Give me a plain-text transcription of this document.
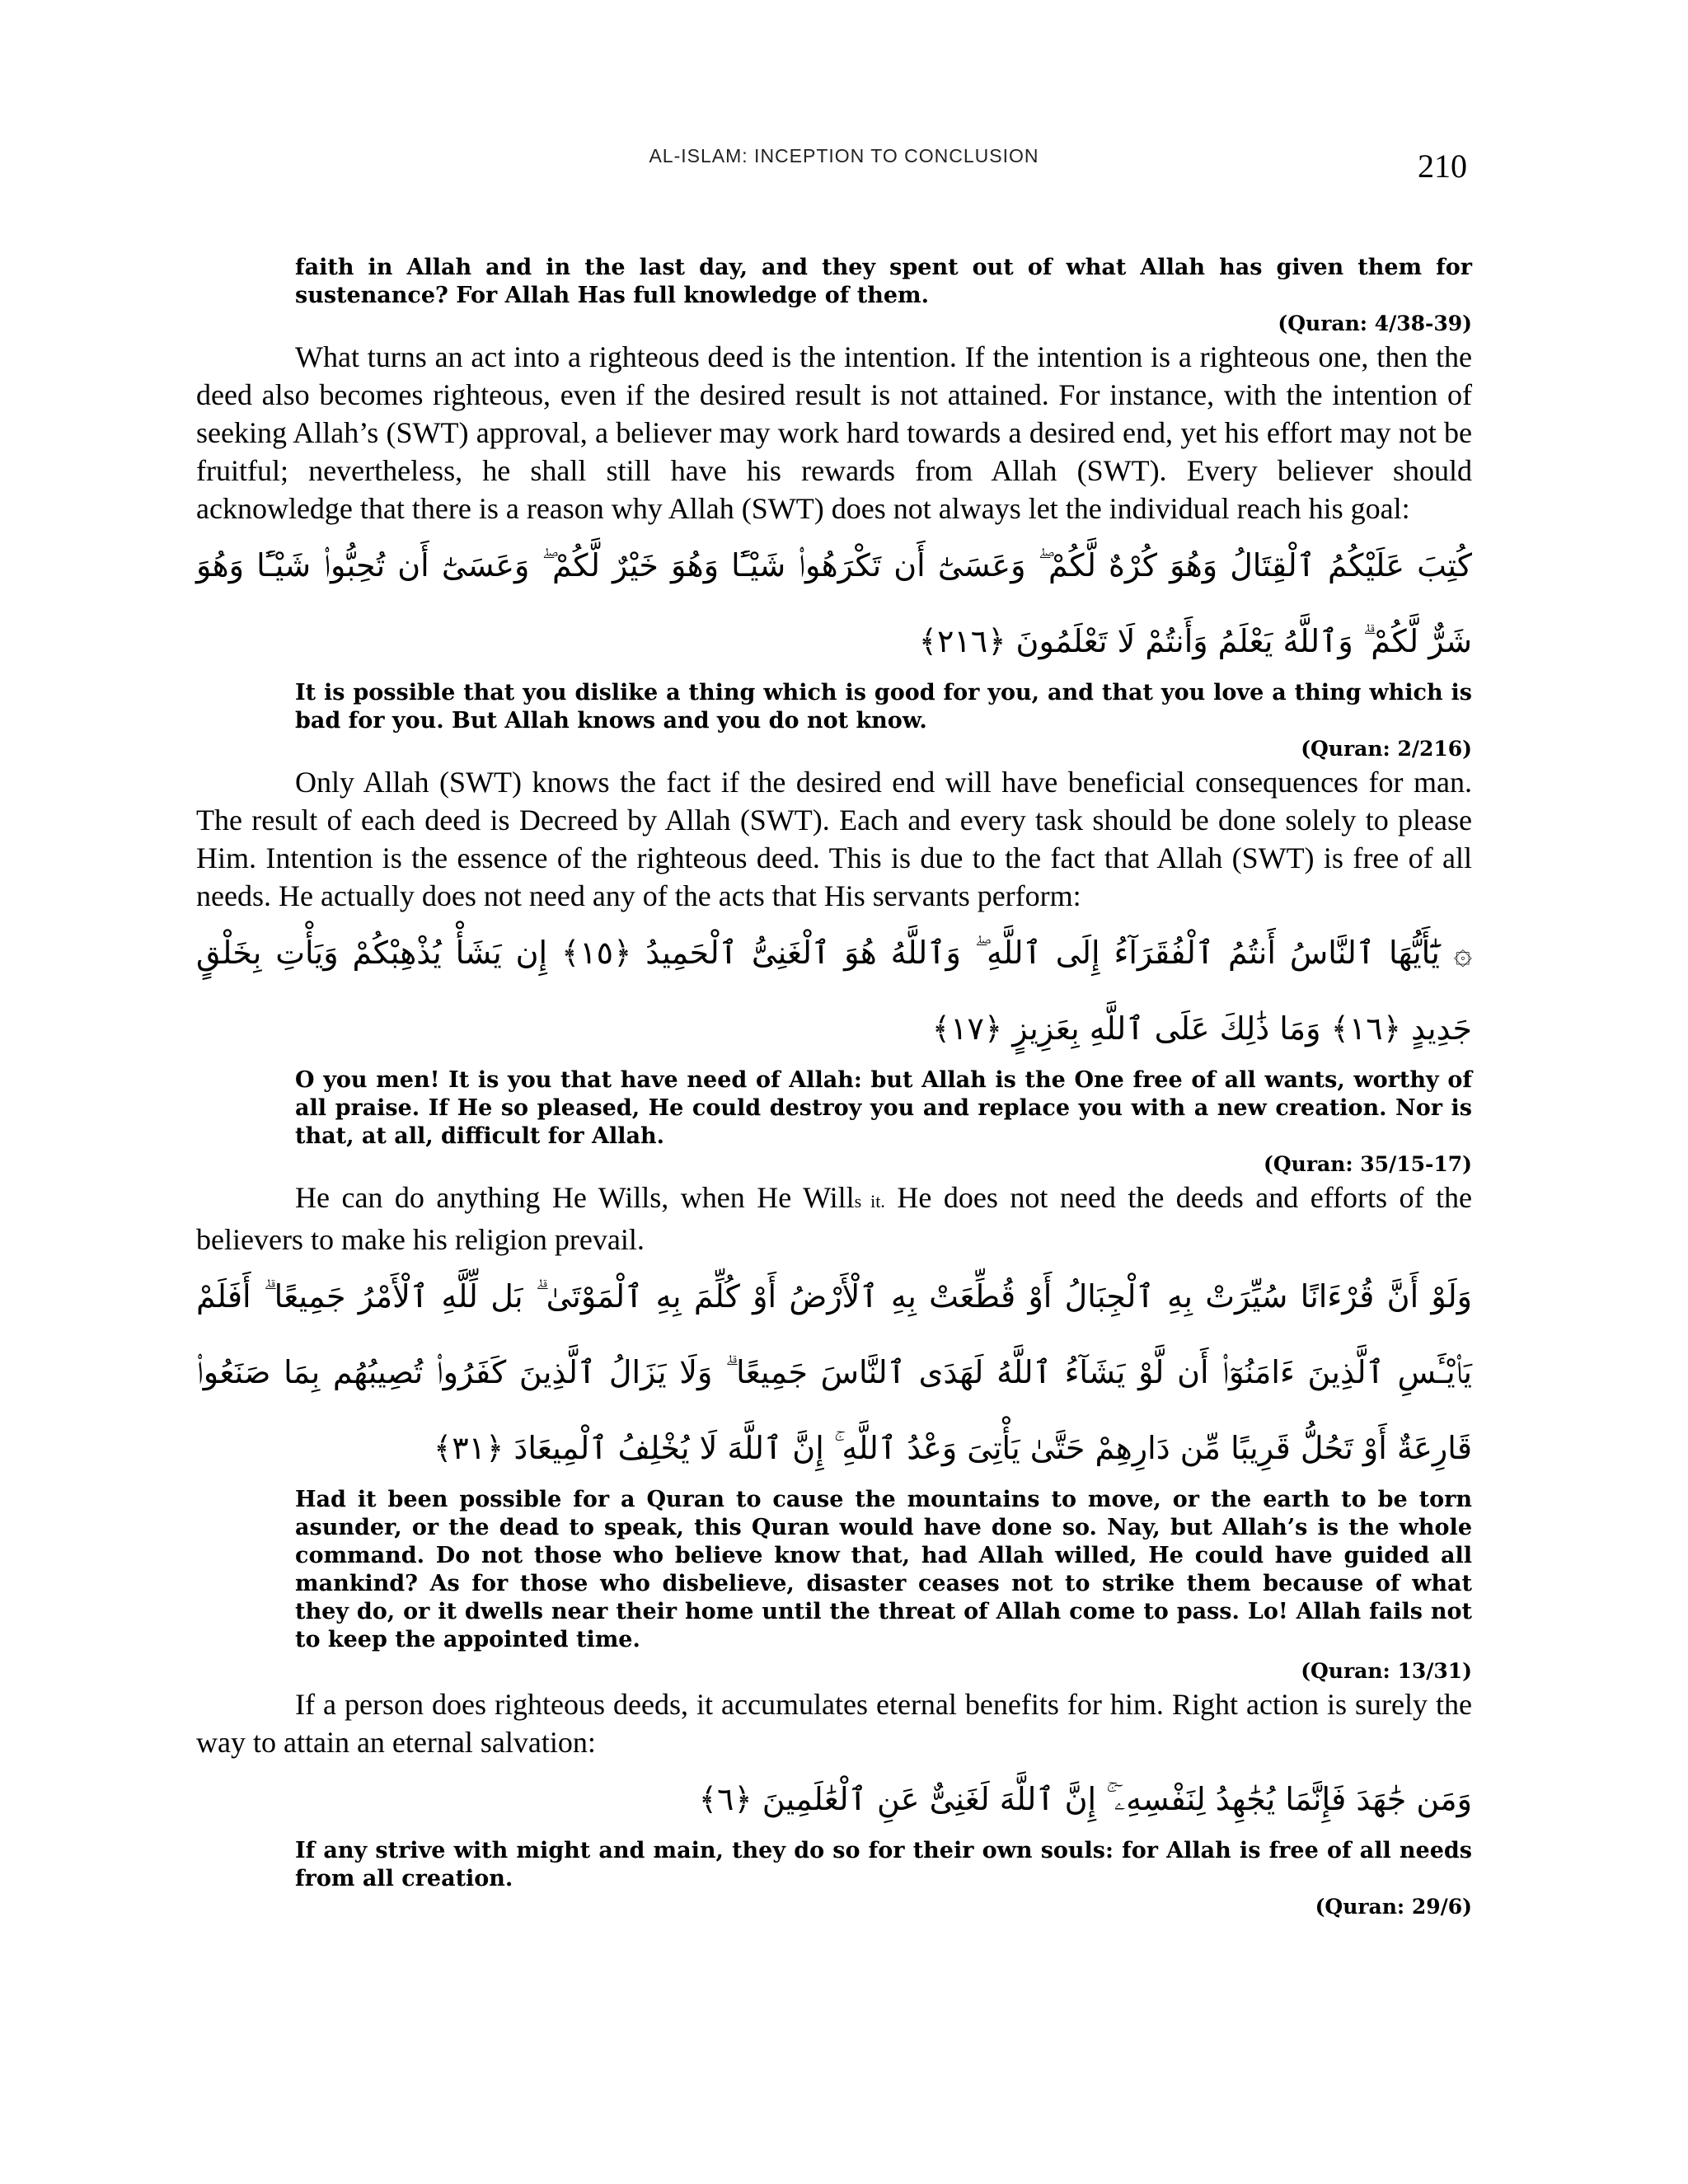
AL-ISLAM: INCEPTION TO CONCLUSION	210
faith in Allah and in the last day, and they spent out of what Allah has given them for sustenance? For Allah Has full knowledge of them.
(Quran: 4/38-39)

What turns an act into a righteous deed is the intention. If the intention is a righteous one, then the deed also becomes righteous, even if the desired result is not attained. For instance, with the intention of seeking Allah’s (SWT) approval, a believer may work hard towards a desired end, yet his effort may not be fruitful; nevertheless, he shall still have his rewards from Allah (SWT). Every believer should acknowledge that there is a reason why Allah (SWT) does not always let the individual reach his goal:

كُتِبَ عَلَيْكُمُ ٱلْقِتَالُ وَهُوَ كُرْهٌ لَّكُمْ ۖ وَعَسَىٰٓ أَن تَكْرَهُوا۟ شَيْـًٔا وَهُوَ خَيْرٌ لَّكُمْ ۖ وَعَسَىٰٓ أَن تُحِبُّوا۟ شَيْـًٔا وَهُوَ شَرٌّ لَّكُمْ ۗ وَٱللَّهُ يَعْلَمُ وَأَنتُمْ لَا تَعْلَمُونَ ﴿٢١٦﴾

It is possible that you dislike a thing which is good for you, and that you love a thing which is bad for you. But Allah knows and you do not know.
(Quran: 2/216)

Only Allah (SWT) knows the fact if the desired end will have beneficial consequences for man. The result of each deed is Decreed by Allah (SWT). Each and every task should be done solely to please Him. Intention is the essence of the righteous deed. This is due to the fact that Allah (SWT) is free of all needs. He actually does not need any of the acts that His servants perform:

۞ يَٰٓأَيُّهَا ٱلنَّاسُ أَنتُمُ ٱلْفُقَرَآءُ إِلَى ٱللَّهِ ۖ وَٱللَّهُ هُوَ ٱلْغَنِىُّ ٱلْحَمِيدُ ﴿١٥﴾ إِن يَشَأْ يُذْهِبْكُمْ وَيَأْتِ بِخَلْقٍ جَدِيدٍ ﴿١٦﴾ وَمَا ذَٰلِكَ عَلَى ٱللَّهِ بِعَزِيزٍ ﴿١٧﴾

O you men! It is you that have need of Allah: but Allah is the One free of all wants, worthy of all praise. If He so pleased, He could destroy you and replace you with a new creation. Nor is that, at all, difficult for Allah.
(Quran: 35/15-17)

He can do anything He Wills, when He Wills it. He does not need the deeds and efforts of the believers to make his religion prevail.

وَلَوْ أَنَّ قُرْءَانًا سُيِّرَتْ بِهِ ٱلْجِبَالُ أَوْ قُطِّعَتْ بِهِ ٱلْأَرْضُ أَوْ كُلِّمَ بِهِ ٱلْمَوْتَىٰ ۗ بَل لِّلَّهِ ٱلْأَمْرُ جَمِيعًا ۗ أَفَلَمْ يَا۟يْـَٔسِ ٱلَّذِينَ ءَامَنُوٓا۟ أَن لَّوْ يَشَآءُ ٱللَّهُ لَهَدَى ٱلنَّاسَ جَمِيعًا ۗ وَلَا يَزَالُ ٱلَّذِينَ كَفَرُوا۟ تُصِيبُهُم بِمَا صَنَعُوا۟ قَارِعَةٌ أَوْ تَحُلُّ قَرِيبًا مِّن دَارِهِمْ حَتَّىٰ يَأْتِىَ وَعْدُ ٱللَّهِ ۚ إِنَّ ٱللَّهَ لَا يُخْلِفُ ٱلْمِيعَادَ ﴿٣١﴾

Had it been possible for a Quran to cause the mountains to move, or the earth to be torn asunder, or the dead to speak, this Quran would have done so. Nay, but Allah’s is the whole command. Do not those who believe know that, had Allah willed, He could have guided all mankind? As for those who disbelieve, disaster ceases not to strike them because of what they do, or it dwells near their home until the threat of Allah come to pass. Lo! Allah fails not to keep the appointed time.
(Quran: 13/31)

If a person does righteous deeds, it accumulates eternal benefits for him. Right action is surely the way to attain an eternal salvation:

وَمَن جَٰهَدَ فَإِنَّمَا يُجَٰهِدُ لِنَفْسِهِۦٓ ۚ إِنَّ ٱللَّهَ لَغَنِىٌّ عَنِ ٱلْعَٰلَمِينَ ﴿٦﴾

If any strive with might and main, they do so for their own souls: for Allah is free of all needs from all creation.
(Quran: 29/6)
